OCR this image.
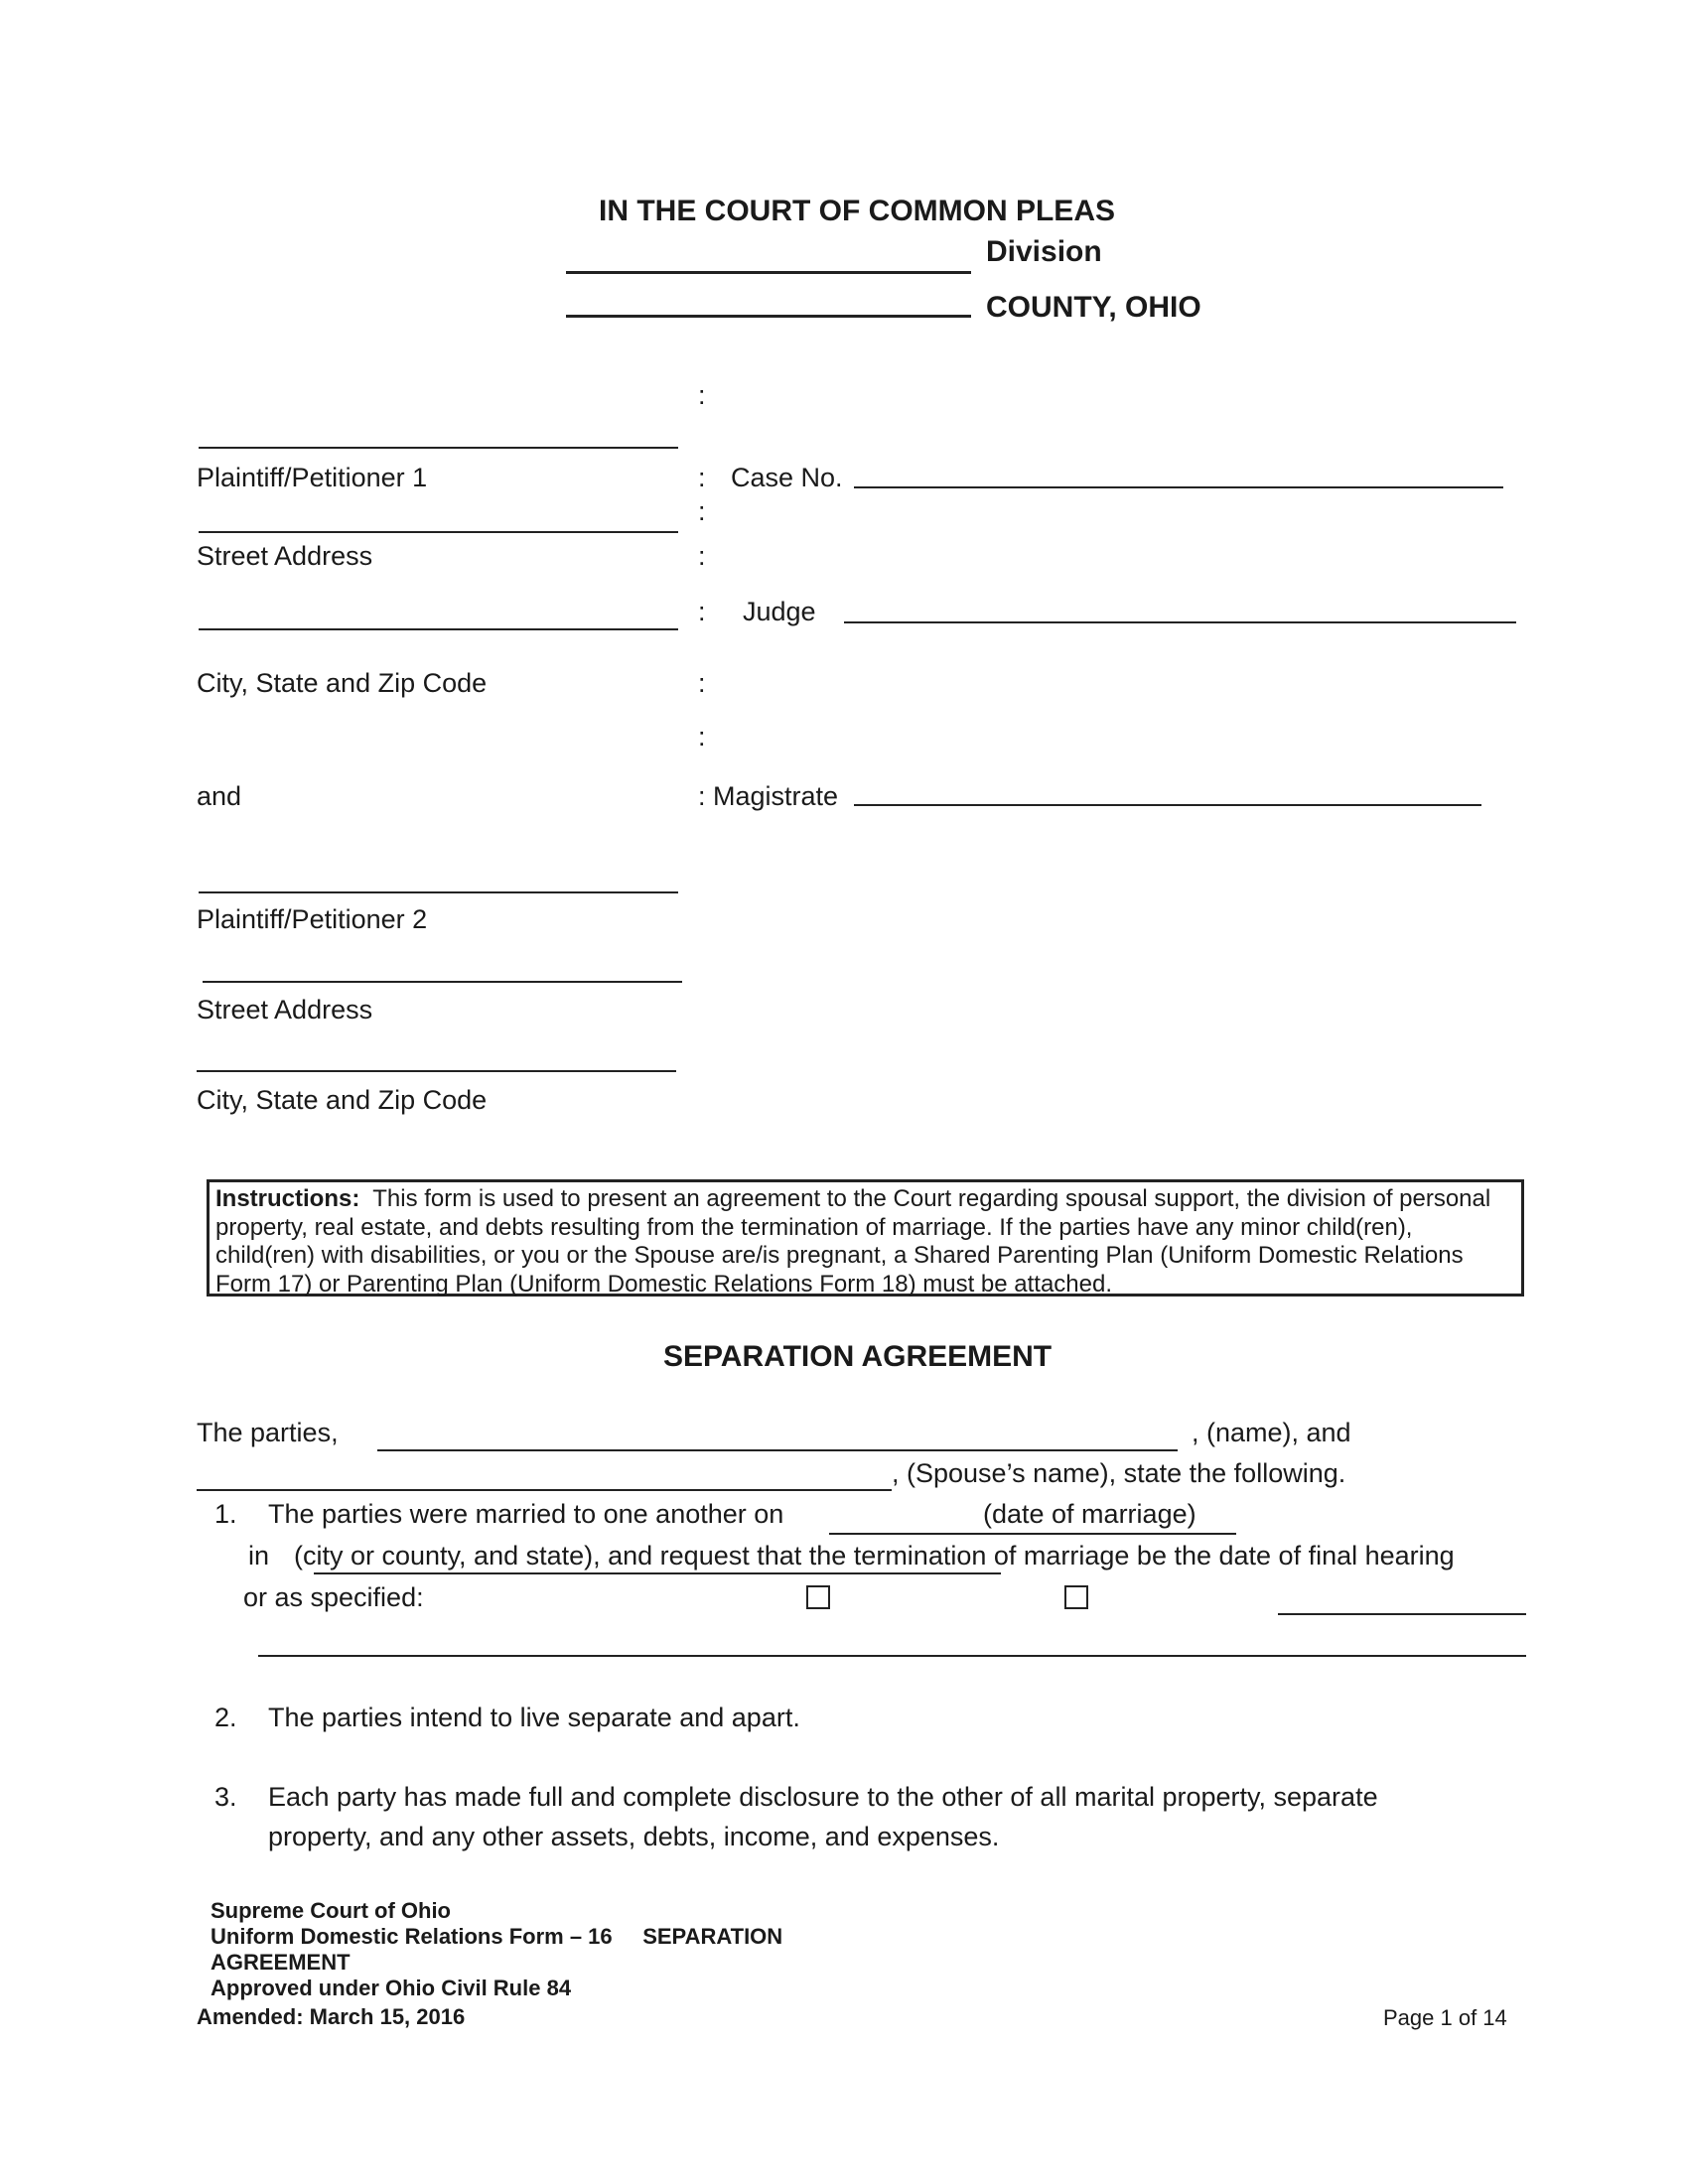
IN THE COURT OF COMMON PLEAS
Division
COUNTY, OHIO
Plaintiff/Petitioner 1
Street Address
City, State and Zip Code
and
Plaintiff/Petitioner 2
Street Address
City, State and Zip Code
:
:
:
:
:
:
:
Case No.
Judge
: Magistrate
Instructions: This form is used to present an agreement to the Court regarding spousal support, the division of personal property, real estate, and debts resulting from the termination of marriage. If the parties have any minor child(ren), child(ren) with disabilities, or you or the Spouse are/is pregnant, a Shared Parenting Plan (Uniform Domestic Relations Form 17) or Parenting Plan (Uniform Domestic Relations Form 18) must be attached.
SEPARATION AGREEMENT
The parties,	, (name), and
, (Spouse’s name), state the following.
1. The parties were married to one another on	(date of marriage)
in (city or county, and state), and request that the termination of marriage be the date of final hearing
or as specified:
2. The parties intend to live separate and apart.
3. Each party has made full and complete disclosure to the other of all marital property, separate
property, and any other assets, debts, income, and expenses.
Supreme Court of Ohio
Uniform Domestic Relations Form – 16     SEPARATION
AGREEMENT
Approved under Ohio Civil Rule 84
Amended: March 15, 2016	Page 1 of 14
